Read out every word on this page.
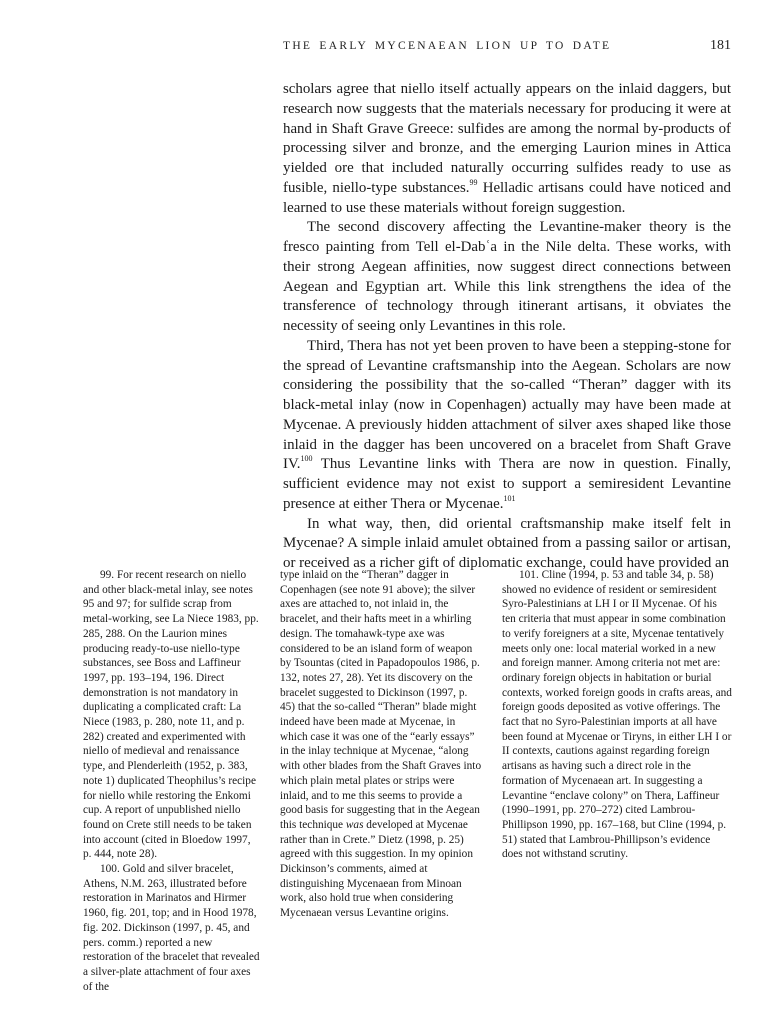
THE EARLY MYCENAEAN LION UP TO DATE	181

scholars agree that niello itself actually appears on the inlaid daggers, but research now suggests that the materials necessary for producing it were at hand in Shaft Grave Greece: sulfides are among the normal by-products of processing silver and bronze, and the emerging Laurion mines in Attica yielded ore that included naturally occurring sulfides ready to use as fusible, niello-type substances.$^{99}$ Helladic artisans could have noticed and learned to use these materials without foreign suggestion.

The second discovery affecting the Levantine-maker theory is the fresco painting from Tell el-Dabʿa in the Nile delta. These works, with their strong Aegean affinities, now suggest direct connections between Aegean and Egyptian art. While this link strengthens the idea of the transference of technology through itinerant artisans, it obviates the necessity of seeing only Levantines in this role.

Third, Thera has not yet been proven to have been a stepping-stone for the spread of Levantine craftsmanship into the Aegean. Scholars are now considering the possibility that the so-called “Theran” dagger with its black-metal inlay (now in Copenhagen) actually may have been made at Mycenae. A previously hidden attachment of silver axes shaped like those inlaid in the dagger has been uncovered on a bracelet from Shaft Grave IV.$^{100}$ Thus Levantine links with Thera are now in question. Finally, sufficient evidence may not exist to support a semiresident Levantine presence at either Thera or Mycenae.$^{101}$

In what way, then, did oriental craftsmanship make itself felt in Mycenae? A simple inlaid amulet obtained from a passing sailor or artisan, or received as a richer gift of diplomatic exchange, could have provided an

99. For recent research on niello and other black-metal inlay, see notes 95 and 97; for sulfide scrap from metal-working, see La Niece 1983, pp. 285, 288. On the Laurion mines producing ready-to-use niello-type substances, see Boss and Laffineur 1997, pp. 193–194, 196. Direct demonstration is not mandatory in duplicating a complicated craft: La Niece (1983, p. 280, note 11, and p. 282) created and experimented with niello of medieval and renaissance type, and Plenderleith (1952, p. 383, note 1) duplicated Theophilus’s recipe for niello while restoring the Enkomi cup. A report of unpublished niello found on Crete still needs to be taken into account (cited in Bloedow 1997, p. 444, note 28).

100. Gold and silver bracelet, Athens, N.M. 263, illustrated before restoration in Marinatos and Hirmer 1960, fig. 201, top; and in Hood 1978, fig. 202. Dickinson (1997, p. 45, and pers. comm.) reported a new restoration of the bracelet that revealed a silver-plate attachment of four axes of the

type inlaid on the “Theran” dagger in Copenhagen (see note 91 above); the silver axes are attached to, not inlaid in, the bracelet, and their hafts meet in a whirling design. The tomahawk-type axe was considered to be an island form of weapon by Tsountas (cited in Papadopoulos 1986, p. 132, notes 27, 28). Yet its discovery on the bracelet suggested to Dickinson (1997, p. 45) that the so-called “Theran” blade might indeed have been made at Mycenae, in which case it was one of the “early essays” in the inlay technique at Mycenae, “along with other blades from the Shaft Graves into which plain metal plates or strips were inlaid, and to me this seems to provide a good basis for suggesting that in the Aegean this technique was developed at Mycenae rather than in Crete.” Dietz (1998, p. 25) agreed with this suggestion. In my opinion Dickinson’s comments, aimed at distinguishing Mycenaean from Minoan work, also hold true when considering Mycenaean versus Levantine origins.

101. Cline (1994, p. 53 and table 34, p. 58) showed no evidence of resident or semiresident Syro-Palestinians at LH I or II Mycenae. Of his ten criteria that must appear in some combination to verify foreigners at a site, Mycenae tentatively meets only one: local material worked in a new and foreign manner. Among criteria not met are: ordinary foreign objects in habitation or burial contexts, worked foreign goods in crafts areas, and foreign goods deposited as votive offerings. The fact that no Syro-Palestinian imports at all have been found at Mycenae or Tiryns, in either LH I or II contexts, cautions against regarding foreign artisans as having such a direct role in the formation of Mycenaean art. In suggesting a Levantine “enclave colony” on Thera, Laffineur (1990–1991, pp. 270–272) cited Lambrou-Phillipson 1990, pp. 167–168, but Cline (1994, p. 51) stated that Lambrou-Phillipson’s evidence does not withstand scrutiny.
